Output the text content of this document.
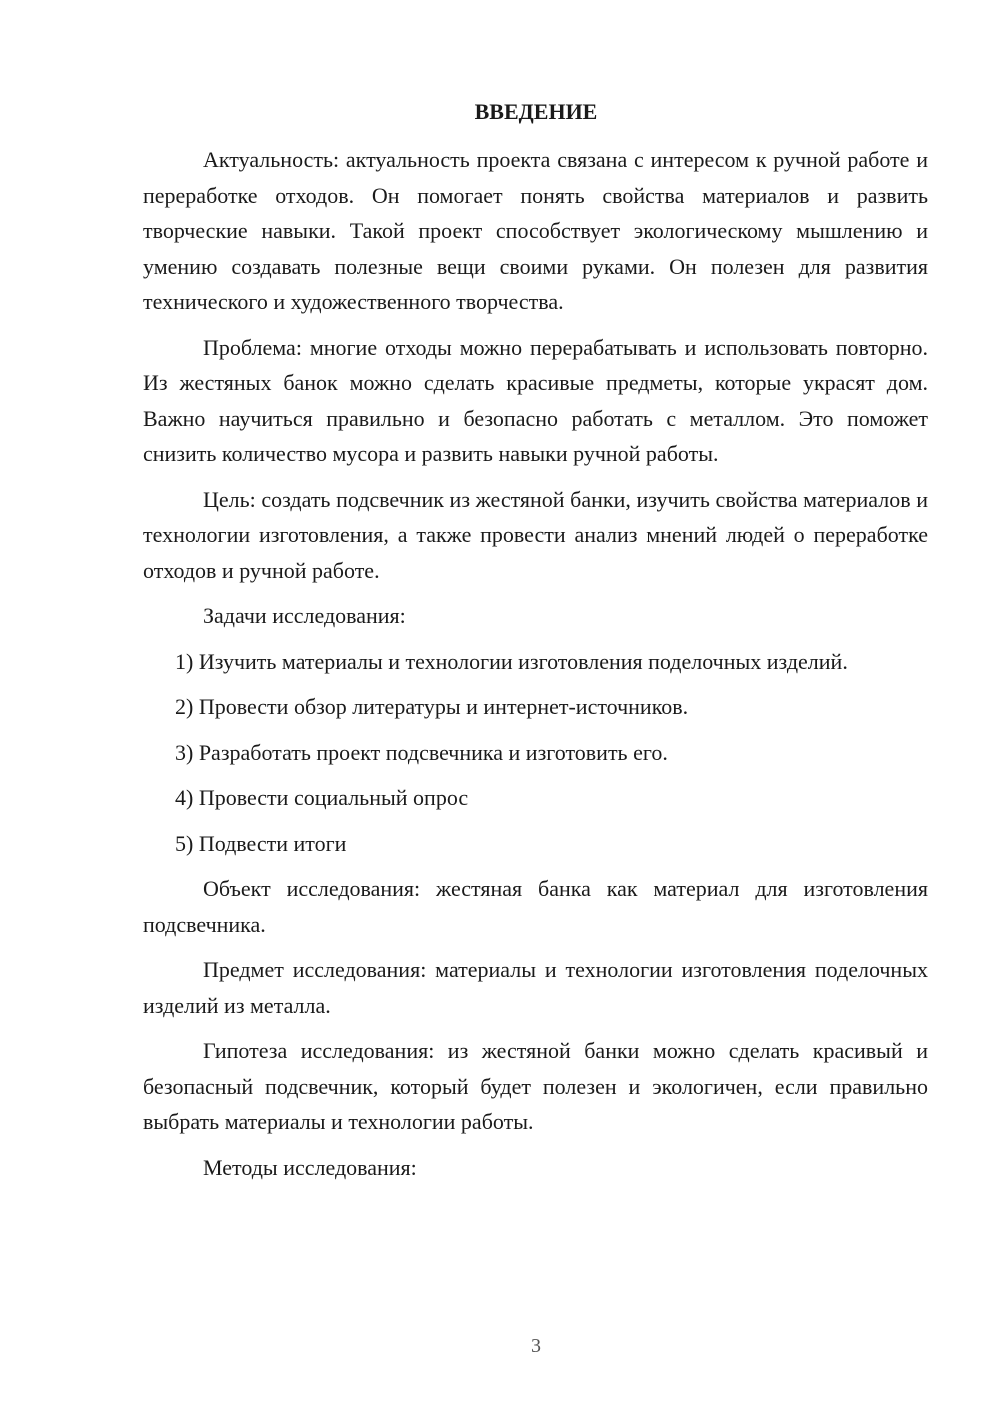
ВВЕДЕНИЕ

Актуальность: актуальность проекта связана с интересом к ручной работе и переработке отходов. Он помогает понять свойства материалов и развить творческие навыки. Такой проект способствует экологическому мышлению и умению создавать полезные вещи своими руками. Он полезен для развития технического и художественного творчества.

Проблема: многие отходы можно перерабатывать и использовать повторно. Из жестяных банок можно сделать красивые предметы, которые украсят дом. Важно научиться правильно и безопасно работать с металлом. Это поможет снизить количество мусора и развить навыки ручной работы.

Цель: создать подсвечник из жестяной банки, изучить свойства материалов и технологии изготовления, а также провести анализ мнений людей о переработке отходов и ручной работе.

Задачи исследования:

1) Изучить материалы и технологии изготовления поделочных изделий.

2) Провести обзор литературы и интернет-источников.

3) Разработать проект подсвечника и изготовить его.

4) Провести социальный опрос

5) Подвести итоги

Объект исследования: жестяная банка как материал для изготовления подсвечника.

Предмет исследования: материалы и технологии изготовления поделочных изделий из металла.

Гипотеза исследования: из жестяной банки можно сделать красивый и безопасный подсвечник, который будет полезен и экологичен, если правильно выбрать материалы и технологии работы.

Методы исследования:

3
